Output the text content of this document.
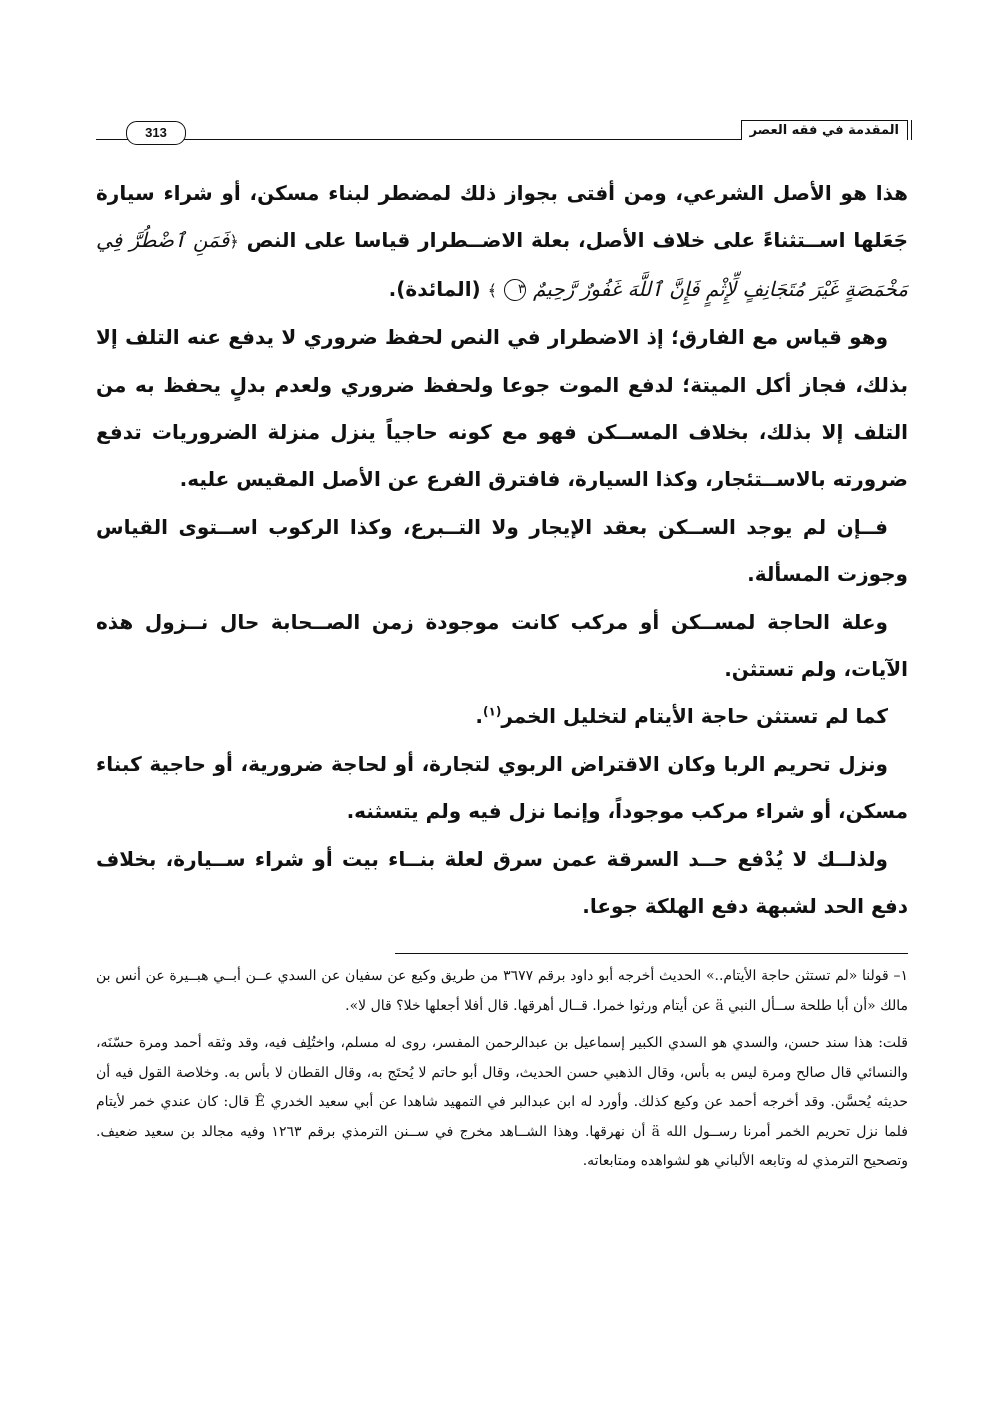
المقدمة في فقه العصر
313

هذا هو الأصل الشرعي، ومن أفتى بجواز ذلك لمضطر لبناء مسكن، أو شراء سيارة جَعَلها اســتثناءً على خلاف الأصل، بعلة الاضــطرار قياسا على النص ﴿فَمَنِ ٱضْطُرَّ فِي مَخْمَصَةٍ غَيْرَ مُتَجَانِفٍ لِّإِثْمٍ فَإِنَّ ٱللَّهَ غَفُورٌ رَّحِيمٌ ٣ ﴾ (المائدة).

وهو قياس مع الفارق؛ إذ الاضطرار في النص لحفظ ضروري لا يدفع عنه التلف إلا بذلك، فجاز أكل الميتة؛ لدفع الموت جوعا ولحفظ ضروري ولعدم بدلٍ يحفظ به من التلف إلا بذلك، بخلاف المســكن فهو مع كونه حاجياً ينزل منزلة الضروريات تدفع ضرورته بالاســتئجار، وكذا السيارة، فافترق الفرع عن الأصل المقيس عليه.

فــإن لم يوجد الســكن بعقد الإيجار ولا التــبرع، وكذا الركوب اســتوى القياس وجوزت المسألة.

وعلة الحاجة لمســكن أو مركب كانت موجودة زمن الصــحابة حال نــزول هذه الآيات، ولم تستثن.

كما لم تستثن حاجة الأيتام لتخليل الخمر$^{(١)}$.

ونزل تحريم الربا وكان الاقتراض الربوي لتجارة، أو لحاجة ضرورية، أو حاجية كبناء مسكن، أو شراء مركب موجوداً، وإنما نزل فيه ولم يتسثنه.

ولذلــك لا يُدْفع حــد السرقة عمن سرق لعلة بنــاء بيت أو شراء ســيارة، بخلاف دفع الحد لشبهة دفع الهلكة جوعا.

١– قولنا «لم تستثن حاجة الأيتام..» الحديث أخرجه أبو داود برقم ٣٦٧٧ من طريق وكيع عن سفيان عن السدي عــن أبــي هبــيرة عن أنس بن مالك «أن أبا طلحة ســأل النبي ä عن أيتام ورثوا خمرا. قــال أهرقها. قال أفلا أجعلها خلا؟ قال لا».

قلت: هذا سند حسن، والسدي هو السدي الكبير إسماعيل بن عبدالرحمن المفسر، روى له مسلم، واختُلِف فيه، وقد وثقه أحمد ومرة حسّنَه، والنسائي قال صالح ومرة ليس به بأس، وقال الذهبي حسن الحديث، وقال أبو حاتم لا يُحتَج به، وقال القطان لا بأس به. وخلاصة القول فيه أن حديثه يُحسَّن. وقد أخرجه أحمد عن وكيع كذلك. وأورد له ابن عبدالبر في التمهيد شاهدا عن أبي سعيد الخدري Ê قال: كان عندي خمر لأيتام فلما نزل تحريم الخمر أمرنا رســول الله ä أن نهرقها. وهذا الشــاهد مخرج في ســنن الترمذي برقم ١٢٦٣ وفيه مجالد بن سعيد ضعيف. وتصحيح الترمذي له وتابعه الألباني هو لشواهده ومتابعاته.
